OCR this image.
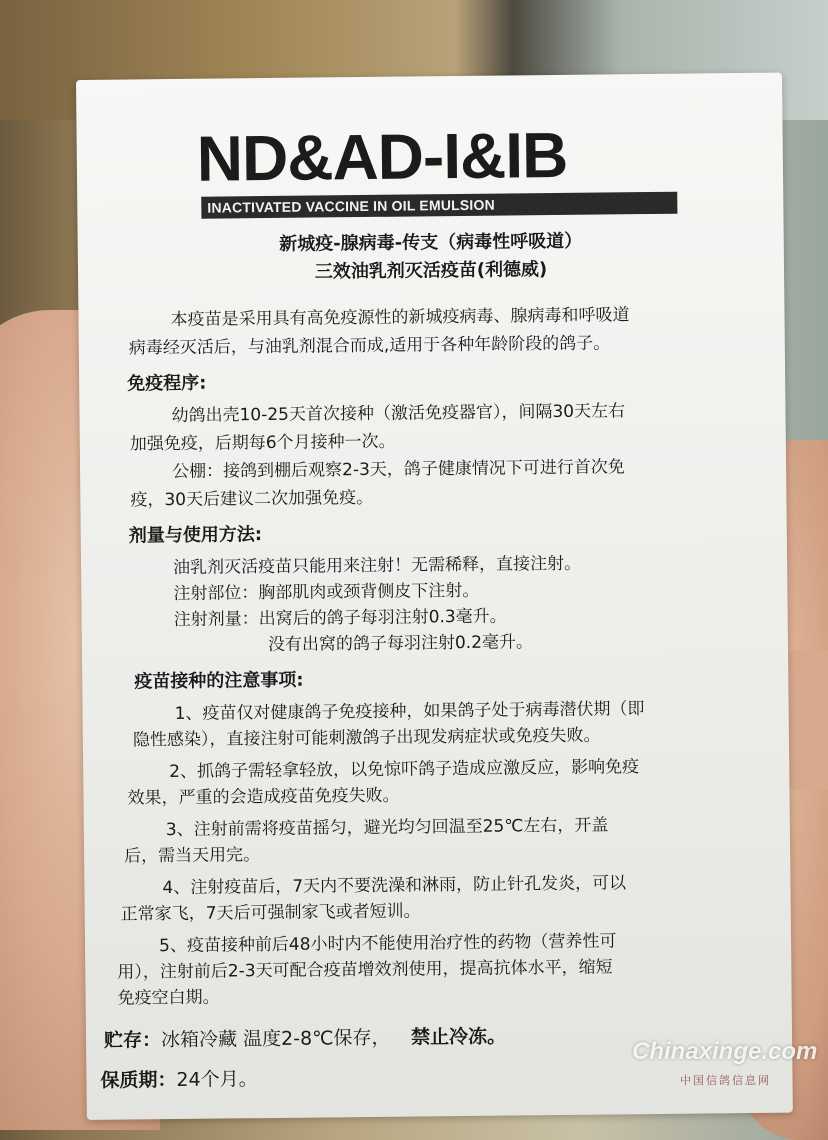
ND&AD-I&IB
INACTIVATED VACCINE IN OIL EMULSION

新城疫-腺病毒-传支（病毒性呼吸道）

三效油乳剂灭活疫苗(利德威)

本疫苗是采用具有高免疫源性的新城疫病毒、腺病毒和呼吸道

病毒经灭活后，与油乳剂混合而成,适用于各种年龄阶段的鸽子。

免疫程序:

幼鸽出壳10-25天首次接种（激活免疫器官），间隔30天左右

加强免疫，后期每6个月接种一次。

公棚：接鸽到棚后观察2-3天，鸽子健康情况下可进行首次免

疫，30天后建议二次加强免疫。

剂量与使用方法:

油乳剂灭活疫苗只能用来注射！无需稀释，直接注射。

注射部位：胸部肌肉或颈背侧皮下注射。

注射剂量：出窝后的鸽子每羽注射0.3毫升。

没有出窝的鸽子每羽注射0.2毫升。

疫苗接种的注意事项:

1、疫苗仅对健康鸽子免疫接种，如果鸽子处于病毒潜伏期（即

隐性感染），直接注射可能刺激鸽子出现发病症状或免疫失败。

2、抓鸽子需轻拿轻放，以免惊吓鸽子造成应激反应，影响免疫

效果，严重的会造成疫苗免疫失败。

3、注射前需将疫苗摇匀，避光均匀回温至25℃左右，开盖

后，需当天用完。

4、注射疫苗后，7天内不要洗澡和淋雨，防止针孔发炎，可以

正常家飞，7天后可强制家飞或者短训。

5、疫苗接种前后48小时内不能使用治疗性的药物（营养性可

用），注射前后2-3天可配合疫苗增效剂使用，提高抗体水平，缩短

免疫空白期。

贮存：冰箱冷藏 温度2-8℃保存， 禁止冷冻。
保质期：24个月。
Chinaxinge.com
中国信鸽信息网
